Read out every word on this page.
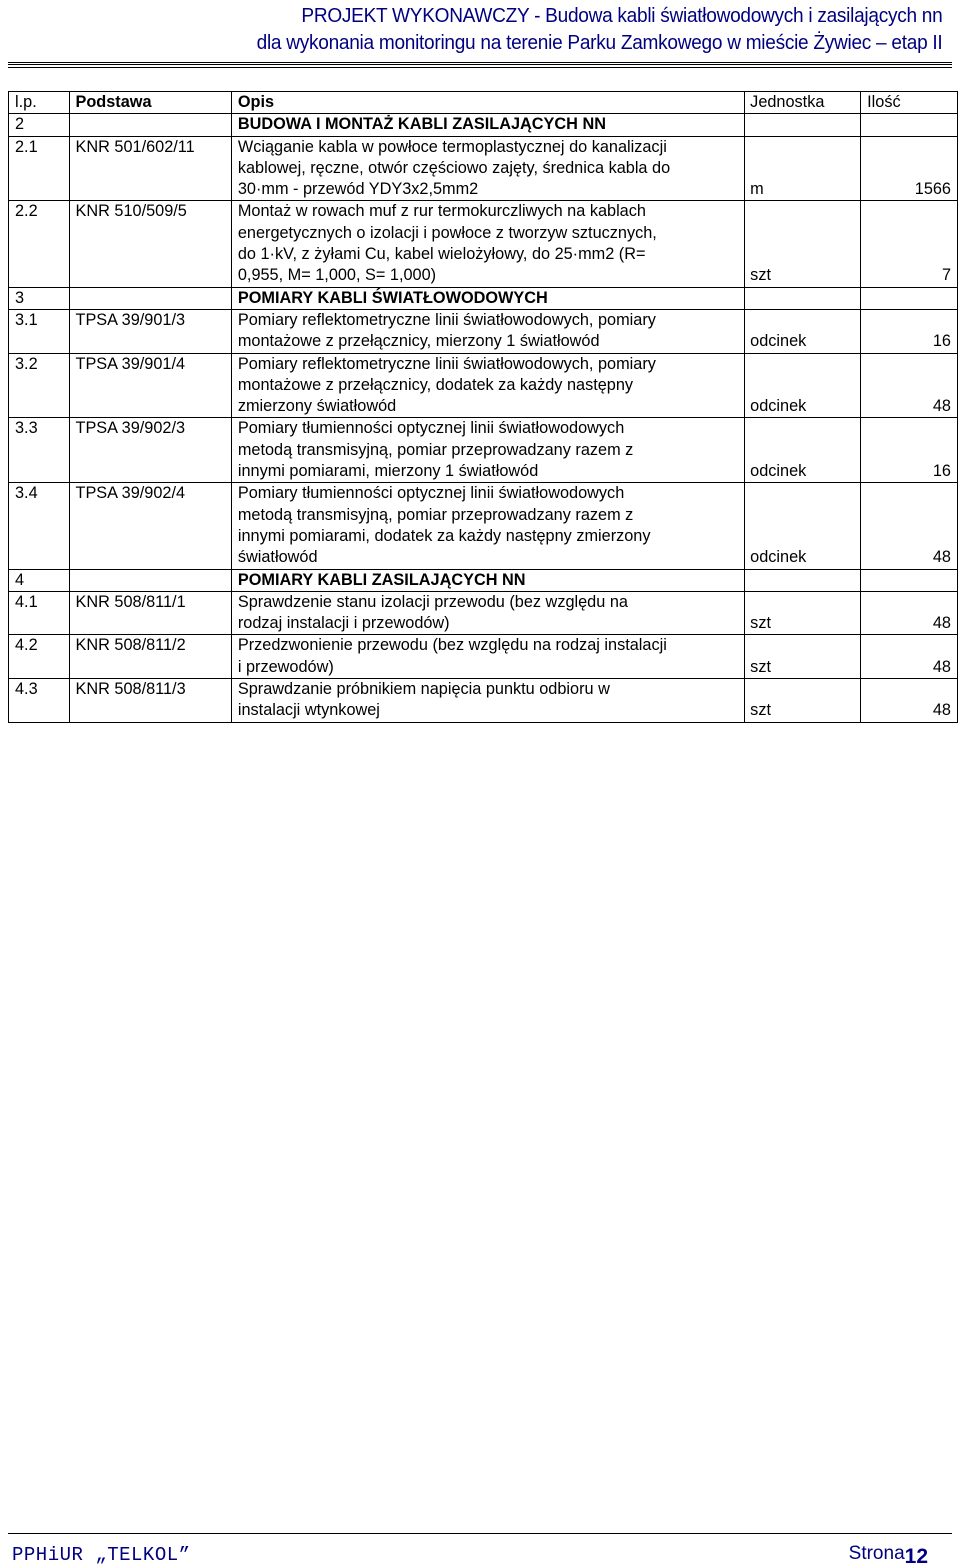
PROJEKT WYKONAWCZY - Budowa kabli światłowodowych i zasilających nn
dla wykonania monitoringu na terenie Parku Zamkowego w mieście Żywiec – etap II
l.p.	Podstawa	Opis	Jednostka	Ilość
2		BUDOWA I MONTAŻ KABLI ZASILAJĄCYCH NN		
2.1	KNR 501/602/11	Wciąganie kabla w powłoce termoplastycznej do kanalizacji
kablowej, ręczne, otwór częściowo zajęty, średnica kabla do
30·mm - przewód YDY3x2,5mm2	m	1566
2.2	KNR 510/509/5	Montaż w rowach muf z rur termokurczliwych na kablach
energetycznych o izolacji i powłoce z tworzyw sztucznych,
do 1·kV, z żyłami Cu, kabel wielożyłowy, do 25·mm2 (R=
0,955, M= 1,000, S= 1,000)	szt	7
3		POMIARY KABLI ŚWIATŁOWODOWYCH		
3.1	TPSA 39/901/3	Pomiary reflektometryczne linii światłowodowych, pomiary
montażowe z przełącznicy, mierzony 1 światłowód	odcinek	16
3.2	TPSA 39/901/4	Pomiary reflektometryczne linii światłowodowych, pomiary
montażowe z przełącznicy, dodatek za każdy następny
zmierzony światłowód	odcinek	48
3.3	TPSA 39/902/3	Pomiary tłumienności optycznej linii światłowodowych
metodą transmisyjną, pomiar przeprowadzany razem z
innymi pomiarami, mierzony 1 światłowód	odcinek	16
3.4	TPSA 39/902/4	Pomiary tłumienności optycznej linii światłowodowych
metodą transmisyjną, pomiar przeprowadzany razem z
innymi pomiarami, dodatek za każdy następny zmierzony
światłowód	odcinek	48
4		POMIARY KABLI ZASILAJĄCYCH NN		
4.1	KNR 508/811/1	Sprawdzenie stanu izolacji przewodu (bez względu na
rodzaj instalacji i przewodów)	szt	48
4.2	KNR 508/811/2	Przedzwonienie przewodu (bez względu na rodzaj instalacji
i przewodów)	szt	48
4.3	KNR 508/811/3	Sprawdzanie próbnikiem napięcia punktu odbioru w
instalacji wtynkowej	szt	48
PPHiUR „TELKOL”	Strona12
